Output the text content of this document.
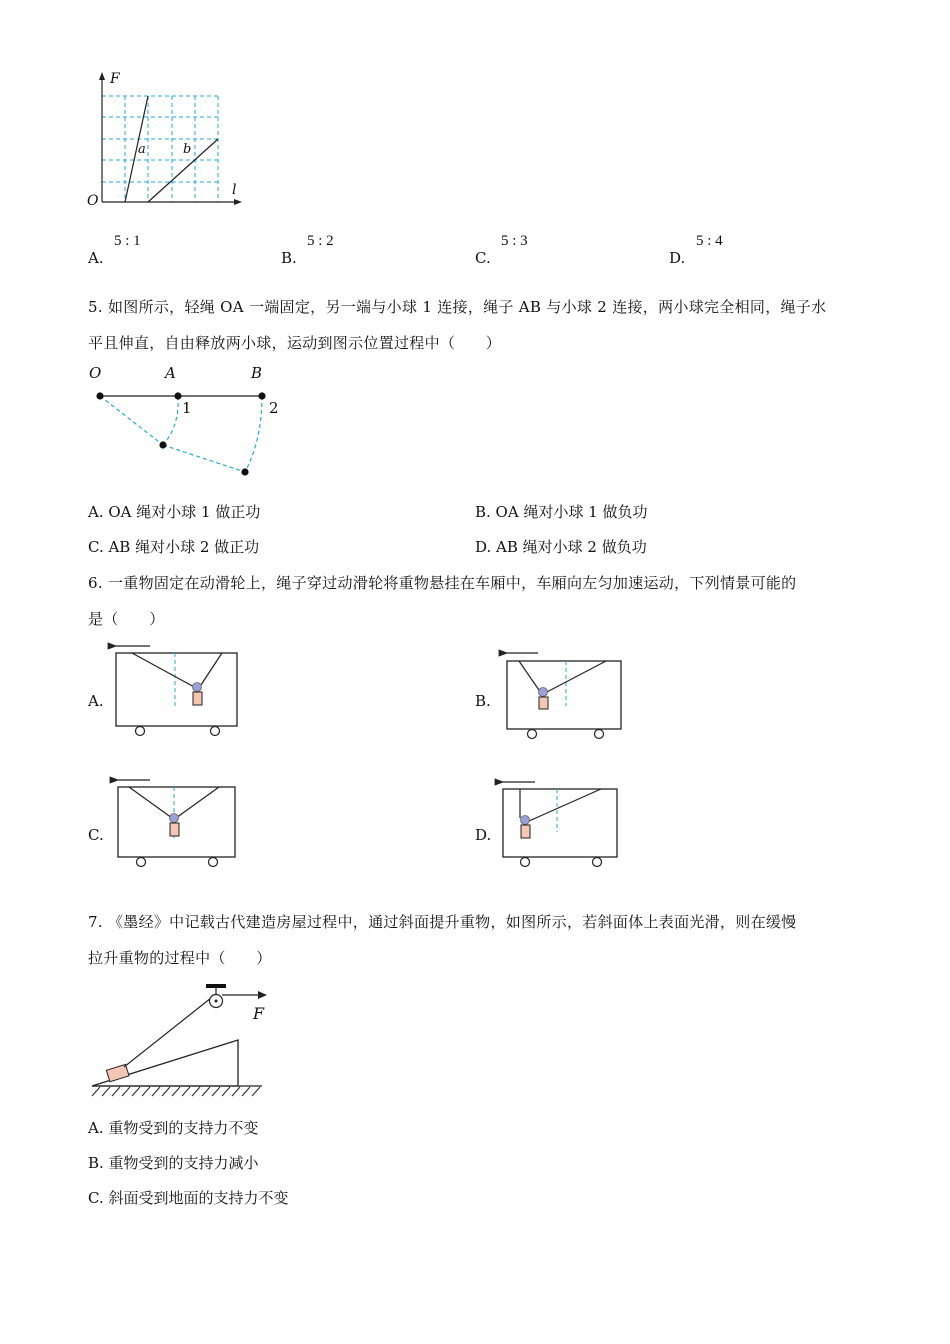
F
l
O
a	b
A.
5 : 1
B.
5 : 2
C.
5 : 3
D.
5 : 4
5. 如图所示，轻绳 OA 一端固定，另一端与小球 1 连接，绳子 AB 与小球 2 连接，两小球完全相同，绳子水
平且伸直，自由释放两小球，运动到图示位置过程中（　　）
O	A	B
1	2
A. OA 绳对小球 1 做正功	B. OA 绳对小球 1 做负功
C. AB 绳对小球 2 做正功	D. AB 绳对小球 2 做负功
6. 一重物固定在动滑轮上，绳子穿过动滑轮将重物悬挂在车厢中，车厢向左匀加速运动，下列情景可能的
是（　　）
A.	B.
C.	D.
7. 《墨经》中记载古代建造房屋过程中，通过斜面提升重物，如图所示，若斜面体上表面光滑，则在缓慢
拉升重物的过程中（　　）
F
A. 重物受到的支持力不变
B. 重物受到的支持力减小
C. 斜面受到地面的支持力不变
